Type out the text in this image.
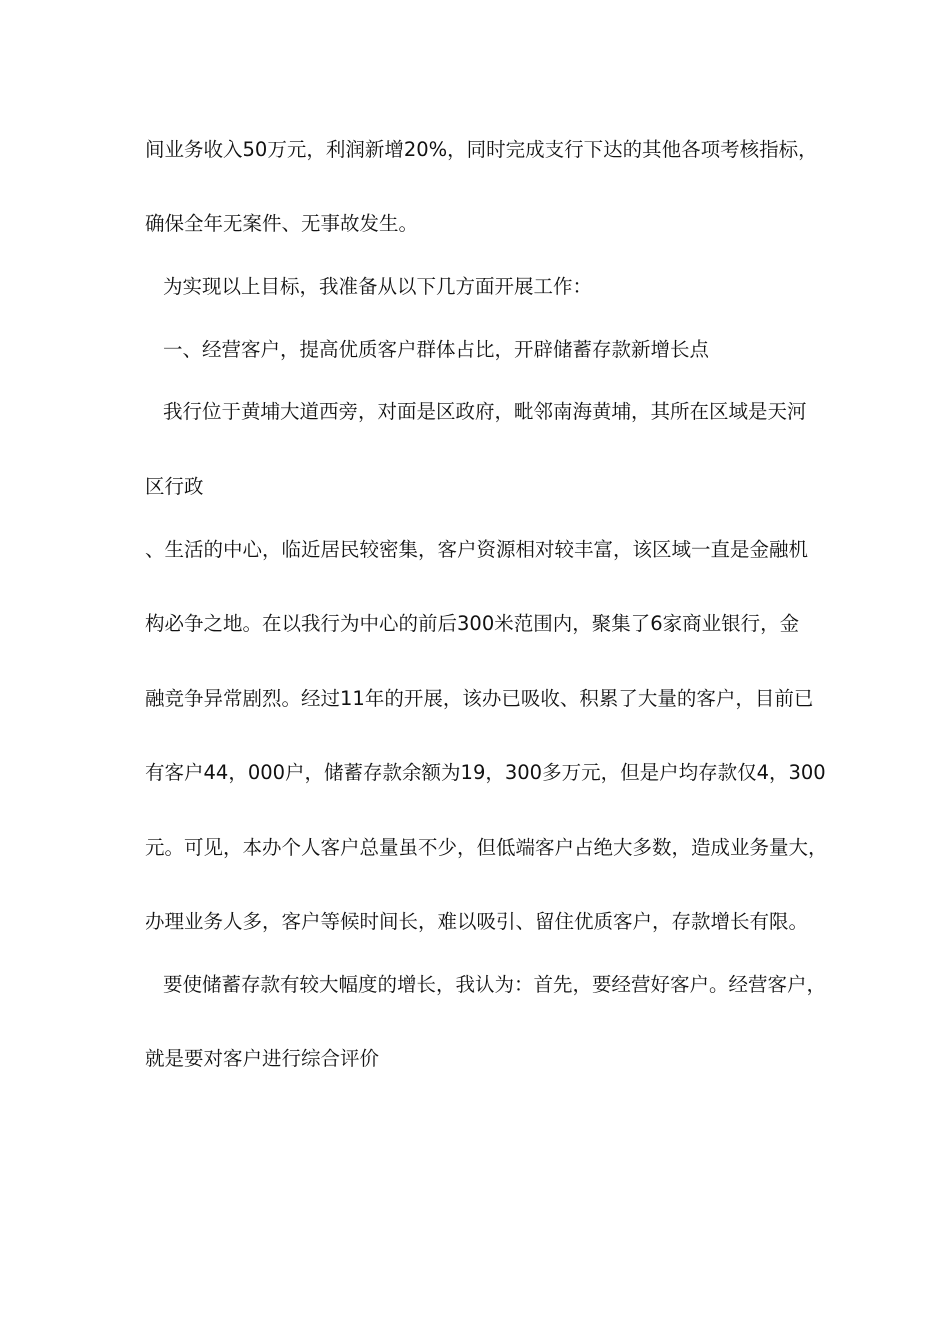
间业务收入50万元，利润新增20%，同时完成支行下达的其他各项考核指标，
确保全年无案件、无事故发生。
为实现以上目标，我准备从以下几方面开展工作：
一、经营客户，提高优质客户群体占比，开辟储蓄存款新增长点
我行位于黄埔大道西旁，对面是区政府，毗邻南海黄埔，其所在区域是天河
区行政
、生活的中心，临近居民较密集，客户资源相对较丰富，该区域一直是金融机
构必争之地。在以我行为中心的前后300米范围内，聚集了6家商业银行，金
融竞争异常剧烈。经过11年的开展，该办已吸收、积累了大量的客户，目前已
有客户44，000户，储蓄存款余额为19，300多万元，但是户均存款仅4，300
元。可见，本办个人客户总量虽不少，但低端客户占绝大多数，造成业务量大，
办理业务人多，客户等候时间长，难以吸引、留住优质客户，存款增长有限。
要使储蓄存款有较大幅度的增长，我认为：首先，要经营好客户。经营客户，
就是要对客户进行综合评价
